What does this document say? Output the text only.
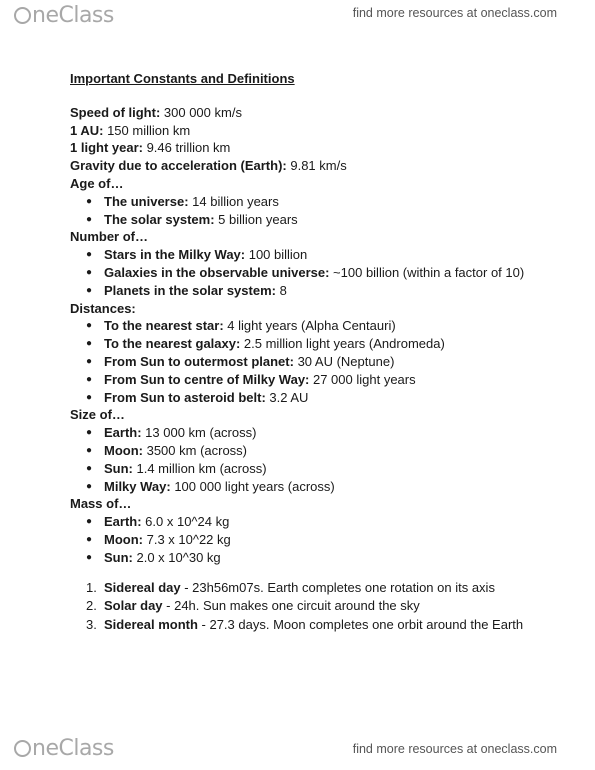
neClass	find more resources at oneclass.com

Important Constants and Definitions

Speed of light: 300 000 km/s

1 AU: 150 million km

1 light year: 9.46 trillion km

Gravity due to acceleration (Earth): 9.81 km/s

Age of…

● The universe: 14 billion years
● The solar system: 5 billion years

Number of…

● Stars in the Milky Way: 100 billion
● Galaxies in the observable universe: ~100 billion (within a factor of 10)
● Planets in the solar system: 8

Distances:

● To the nearest star: 4 light years (Alpha Centauri)
● To the nearest galaxy: 2.5 million light years (Andromeda)
● From Sun to outermost planet: 30 AU (Neptune)
● From Sun to centre of Milky Way: 27 000 light years
● From Sun to asteroid belt: 3.2 AU

Size of…

● Earth: 13 000 km (across)
● Moon: 3500 km (across)
● Sun: 1.4 million km (across)
● Milky Way: 100 000 light years (across)

Mass of…

● Earth: 6.0 x 10^24 kg
● Moon: 7.3 x 10^22 kg
● Sun: 2.0 x 10^30 kg
1. Sidereal day - 23h56m07s. Earth completes one rotation on its axis
2. Solar day - 24h. Sun makes one circuit around the sky
3. Sidereal month - 27.3 days. Moon completes one orbit around the Earth
neClass	find more resources at oneclass.com
